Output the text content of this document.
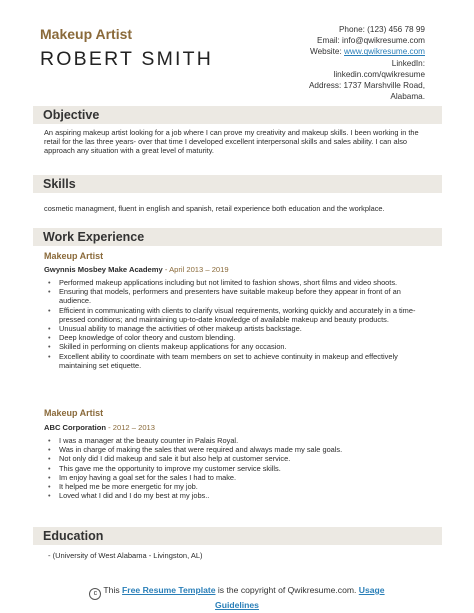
Makeup Artist
ROBERT SMITH
Phone: (123) 456 78 99
Email: info@qwikresume.com
Website: www.qwikresume.com
LinkedIn:
linkedin.com/qwikresume
Address: 1737 Marshville Road,
Alabama.
Objective
An aspiring makeup artist looking for a job where I can prove my creativity and makeup skills. I been working in the retail for the las three years- over that time I developed excellent interpersonal skills and sales ability. I can also approach any situation with a great level of maturity.
Skills
cosmetic managment, fluent in english and spanish, retail experience both education and the workplace.
Work Experience
Makeup Artist
Gwynnis Mosbey Make Academy - April 2013 – 2019
• Performed makeup applications including but not limited to fashion shows, short films and video shoots.
• Ensuring that models, performers and presenters have suitable makeup before they appear in front of an audience.
• Efficient in communicating with clients to clarify visual requirements, working quickly and accurately in a time-pressed conditions; and maintaining up-to-date knowledge of available makeup and beauty products.
• Unusual ability to manage the activities of other makeup artists backstage.
• Deep knowledge of color theory and custom blending.
• Skilled in performing on clients makeup applications for any occasion.
• Excellent ability to coordinate with team members on set to achieve continuity in makeup and effectively maintaining set etiquette.
Makeup Artist
ABC Corporation - 2012 – 2013
• I was a manager at the beauty counter in Palais Royal.
• Was in charge of making the sales that were required and always made my sale goals.
• Not only did I did makeup and sale it but also help at customer service.
• This gave me the opportunity to improve my customer service skills.
• Im enjoy having a goal set for the sales I had to make.
• It helped me be more energetic for my job.
• Loved what I did and I do my best at my jobs..
Education
- (University of West Alabama - Livingston, AL)
c This Free Resume Template is the copyright of Qwikresume.com. Usage
Guidelines
